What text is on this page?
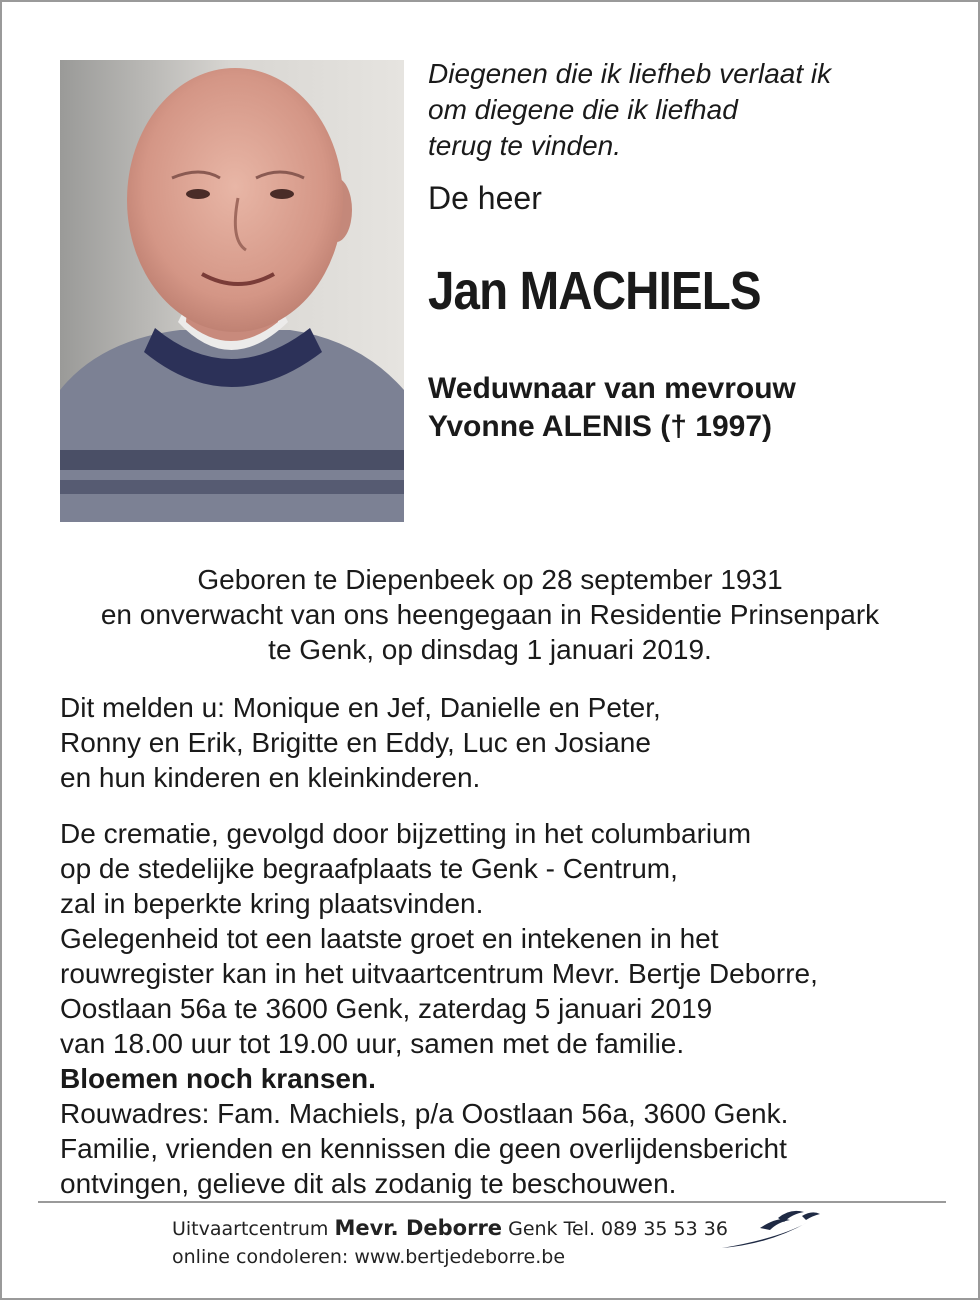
Diegenen die ik liefheb verlaat ik
om diegene die ik liefhad
terug te vinden.
De heer
Jan MACHIELS
Weduwnaar van mevrouw
Yvonne ALENIS († 1997)
Geboren te Diepenbeek op 28 september 1931
en onverwacht van ons heengegaan in Residentie Prinsenpark
te Genk, op dinsdag 1 januari 2019.
Dit melden u: Monique en Jef, Danielle en Peter,
Ronny en Erik, Brigitte en Eddy, Luc en Josiane
en hun kinderen en kleinkinderen.
De crematie, gevolgd door bijzetting in het columbarium
op de stedelijke begraafplaats te Genk - Centrum,
zal in beperkte kring plaatsvinden.
Gelegenheid tot een laatste groet en intekenen in het
rouwregister kan in het uitvaartcentrum Mevr. Bertje Deborre,
Oostlaan 56a te 3600 Genk, zaterdag 5 januari 2019
van 18.00 uur tot 19.00 uur, samen met de familie.
Bloemen noch kransen.
Rouwadres: Fam. Machiels, p/a Oostlaan 56a, 3600 Genk.
Familie, vrienden en kennissen die geen overlijdensbericht
ontvingen, gelieve dit als zodanig te beschouwen.
Uitvaartcentrum Mevr. Deborre Genk Tel. 089 35 53 36
online condoleren: www.bertjedeborre.be
